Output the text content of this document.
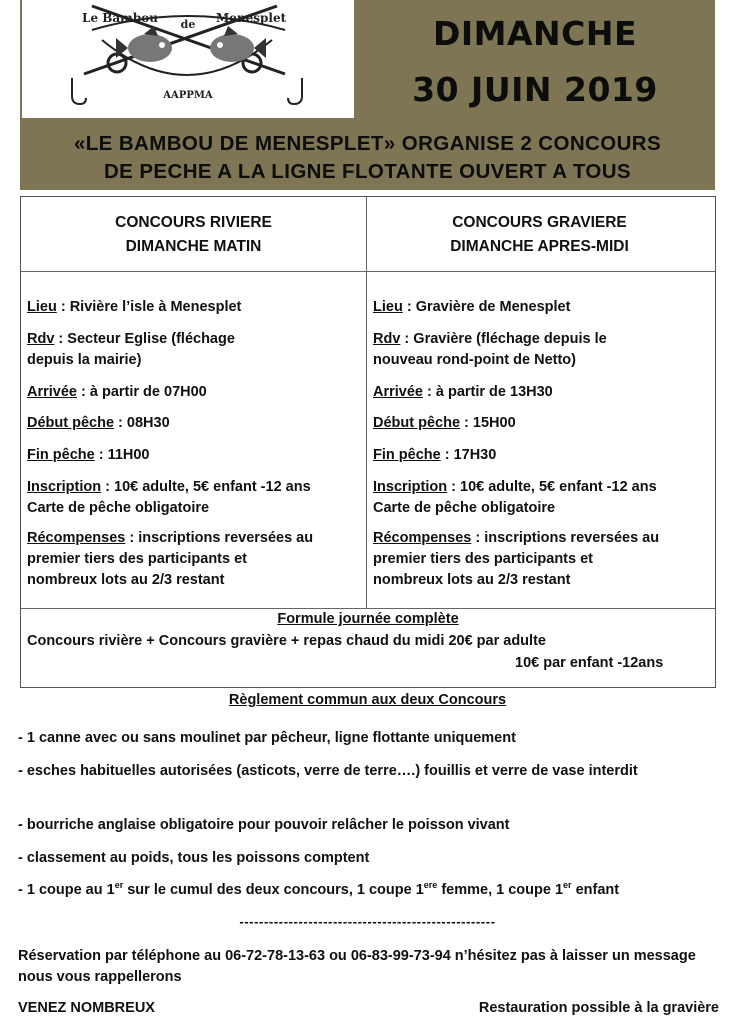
Le Bambou de Menesplet
AAPPMA
DIMANCHE
30 JUIN 2019
«LE BAMBOU DE MENESPLET» ORGANISE 2 CONCOURS
DE PECHE A LA LIGNE FLOTANTE OUVERT A TOUS
CONCOURS RIVIERE
DIMANCHE MATIN
CONCOURS GRAVIERE
DIMANCHE APRES-MIDI
Lieu : Rivière l’isle à Menesplet
Rdv : Secteur Eglise (fléchage
depuis la mairie)
Arrivée : à partir de 07H00
Début pêche : 08H30
Fin pêche : 11H00
Inscription : 10€ adulte, 5€ enfant -12 ans
Carte de pêche obligatoire
Récompenses : inscriptions reversées au
premier tiers des participants et
nombreux lots au 2/3 restant
Lieu : Gravière de Menesplet
Rdv : Gravière (fléchage depuis le
nouveau rond-point de Netto)
Arrivée : à partir de 13H30
Début pêche : 15H00
Fin pêche : 17H30
Inscription : 10€ adulte, 5€ enfant -12 ans
Carte de pêche obligatoire
Récompenses : inscriptions reversées au
premier tiers des participants et
nombreux lots au 2/3 restant
Formule journée complète
Concours rivière + Concours gravière + repas chaud du midi 20€ par adulte
10€ par enfant -12ans
Règlement commun aux deux Concours
- 1 canne avec ou sans moulinet par pêcheur, ligne flottante uniquement
- esches habituelles autorisées (asticots, verre de terre….) fouillis et verre de vase interdit
- bourriche anglaise obligatoire pour pouvoir relâcher le poisson vivant
- classement au poids, tous les poissons comptent
- 1 coupe au 1er sur le cumul des deux concours, 1 coupe 1ere femme, 1 coupe 1er enfant
----------------------------------------------------
Réservation par téléphone au 06-72-78-13-63 ou 06-83-99-73-94 n’hésitez pas à laisser un message nous vous rappellerons
VENEZ NOMBREUX	Restauration possible à la gravière
